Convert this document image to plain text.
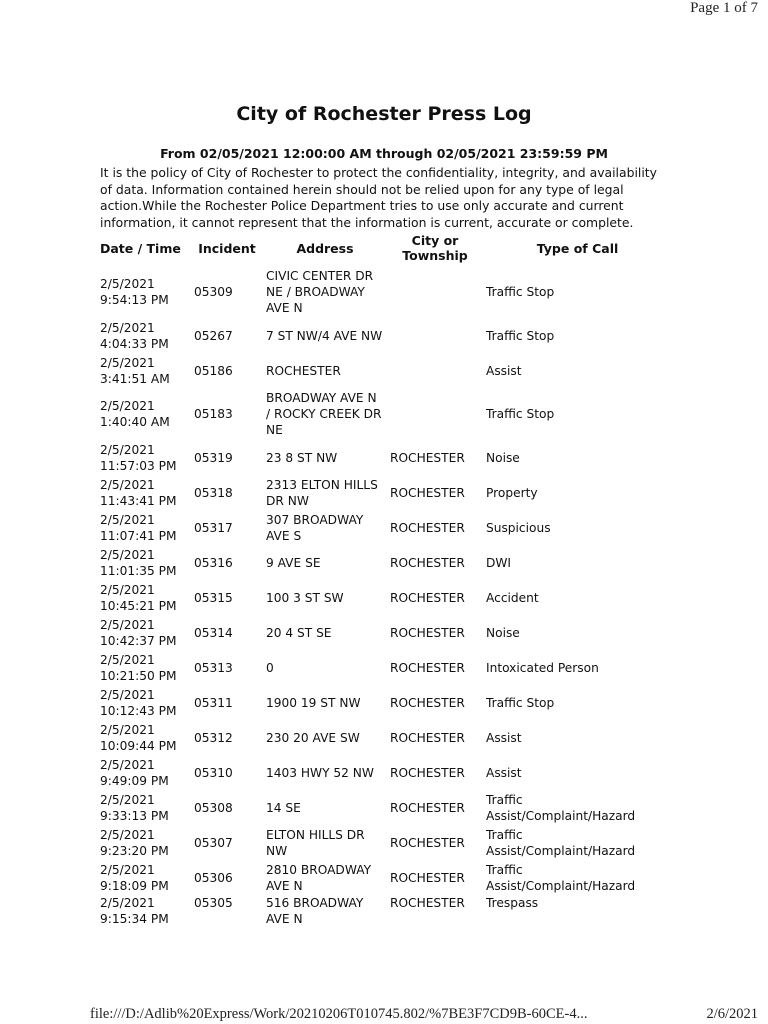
Page 1 of 7
City of Rochester Press Log
From 02/05/2021 12:00:00 AM through 02/05/2021 23:59:59 PM
It is the policy of City of Rochester to protect the confidentiality, integrity, and availability of data. Information contained herein should not be relied upon for any type of legal action.While the Rochester Police Department tries to use only accurate and current information, it cannot represent that the information is current, accurate or complete.
Date / Time	Incident	Address	City or Township	Type of Call
2/5/2021
9:54:13 PM	05309	CIVIC CENTER DR NE / BROADWAY AVE N		Traffic Stop
2/5/2021
4:04:33 PM	05267	7 ST NW/4 AVE NW		Traffic Stop
2/5/2021
3:41:51 AM	05186	ROCHESTER		Assist
2/5/2021
1:40:40 AM	05183	BROADWAY AVE N / ROCKY CREEK DR NE		Traffic Stop
2/5/2021
11:57:03 PM	05319	23 8 ST NW	ROCHESTER	Noise
2/5/2021
11:43:41 PM	05318	2313 ELTON HILLS DR NW	ROCHESTER	Property
2/5/2021
11:07:41 PM	05317	307 BROADWAY AVE S	ROCHESTER	Suspicious
2/5/2021
11:01:35 PM	05316	9 AVE SE	ROCHESTER	DWI
2/5/2021
10:45:21 PM	05315	100 3 ST SW	ROCHESTER	Accident
2/5/2021
10:42:37 PM	05314	20 4 ST SE	ROCHESTER	Noise
2/5/2021
10:21:50 PM	05313	0	ROCHESTER	Intoxicated Person
2/5/2021
10:12:43 PM	05311	1900 19 ST NW	ROCHESTER	Traffic Stop
2/5/2021
10:09:44 PM	05312	230 20 AVE SW	ROCHESTER	Assist
2/5/2021
9:49:09 PM	05310	1403 HWY 52 NW	ROCHESTER	Assist
2/5/2021
9:33:13 PM	05308	14 SE	ROCHESTER	Traffic Assist/Complaint/Hazard
2/5/2021
9:23:20 PM	05307	ELTON HILLS DR NW	ROCHESTER	Traffic Assist/Complaint/Hazard
2/5/2021
9:18:09 PM	05306	2810 BROADWAY AVE N	ROCHESTER	Traffic Assist/Complaint/Hazard
2/5/2021
9:15:34 PM	05305	516 BROADWAY AVE N	ROCHESTER	Trespass
file:///D:/Adlib%20Express/Work/20210206T010745.802/%7BE3F7CD9B-60CE-4...	2/6/2021
